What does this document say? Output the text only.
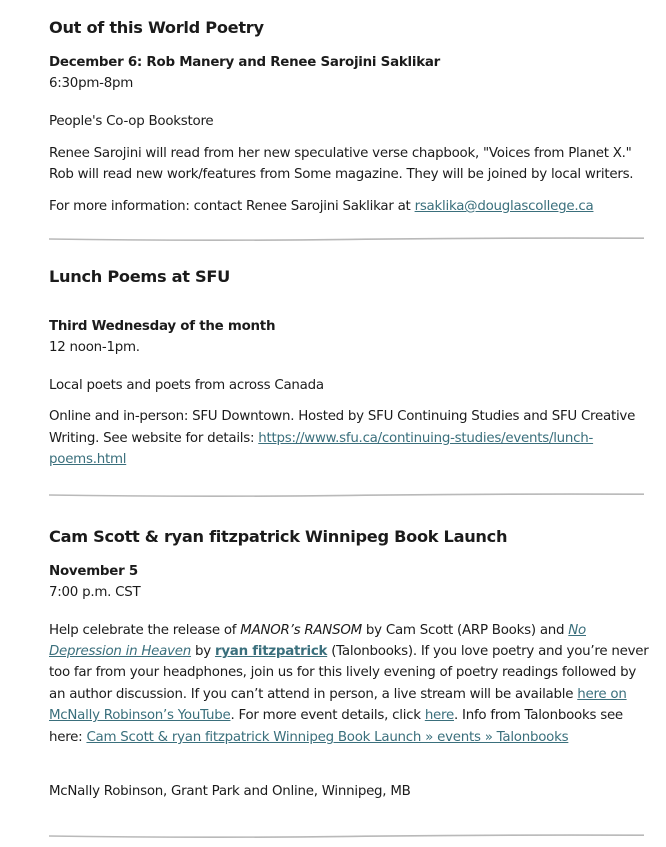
Out of this World Poetry
December 6: Rob Manery and Renee Sarojini Saklikar
6:30pm-8pm
People's Co-op Bookstore
Renee Sarojini will read from her new speculative verse chapbook, "Voices from Planet X."
Rob will read new work/features from Some magazine. They will be joined by local writers.
For more information: contact Renee Sarojini Saklikar at rsaklika@douglascollege.ca
Lunch Poems at SFU
Third Wednesday of the month
12 noon-1pm.
Local poets and poets from across Canada
Online and in-person: SFU Downtown. Hosted by SFU Continuing Studies and SFU Creative
Writing. See website for details: https://www.sfu.ca/continuing-studies/events/lunch-
poems.html
Cam Scott & ryan fitzpatrick Winnipeg Book Launch
November 5
7:00 p.m. CST
Help celebrate the release of MANOR’s RANSOM by Cam Scott (ARP Books) and No
Depression in Heaven by ryan fitzpatrick (Talonbooks). If you love poetry and you’re never
too far from your headphones, join us for this lively evening of poetry readings followed by
an author discussion. If you can’t attend in person, a live stream will be available here on
McNally Robinson’s YouTube. For more event details, click here. Info from Talonbooks see
here: Cam Scott & ryan fitzpatrick Winnipeg Book Launch » events » Talonbooks
McNally Robinson, Grant Park and Online, Winnipeg, MB
